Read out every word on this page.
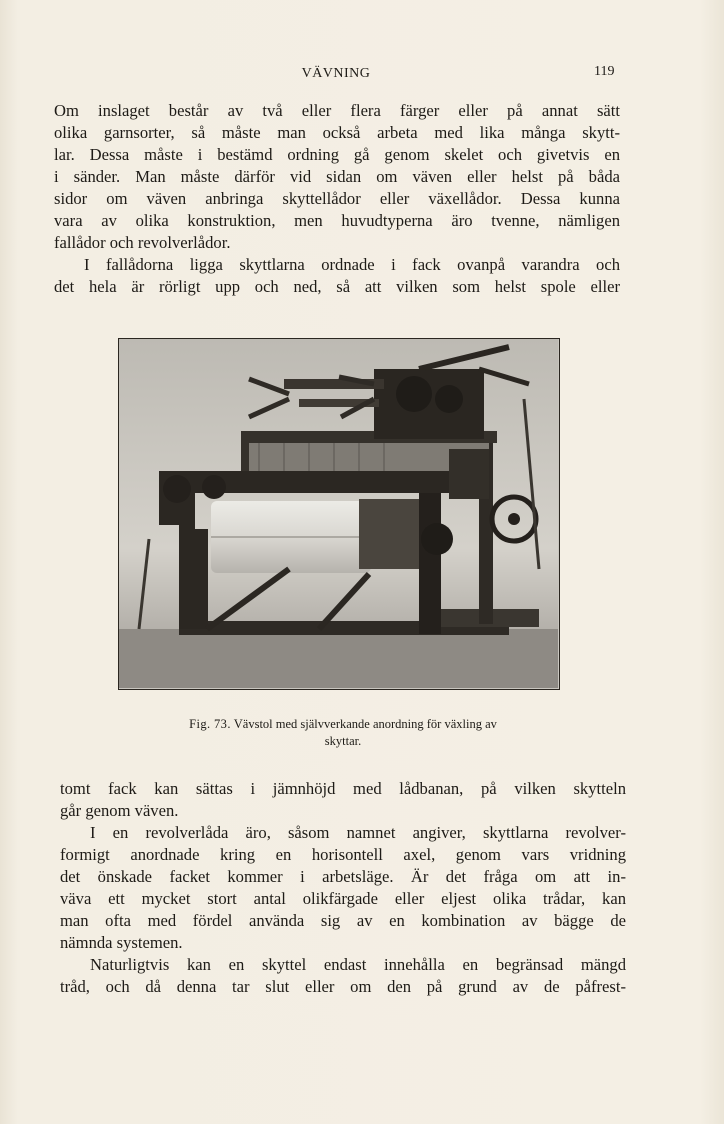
VÄVNING	119
Om inslaget består av två eller flera färger eller på annat sätt
olika garnsorter, så måste man också arbeta med lika många skytt-
lar. Dessa måste i bestämd ordning gå genom skelet och givetvis en
i sänder. Man måste därför vid sidan om väven eller helst på båda
sidor om väven anbringa skyttellådor eller växellådor. Dessa kunna
vara av olika konstruktion, men huvudtyperna äro tvenne, nämligen
fallådor och revolverlådor.
I fallådorna ligga skyttlarna ordnade i fack ovanpå varandra och
det hela är rörligt upp och ned, så att vilken som helst spole eller
Fig. 73. Vävstol med självverkande anordning för växling av
skyttar.
tomt fack kan sättas i jämnhöjd med lådbanan, på vilken skytteln
går genom väven.
I en revolverlåda äro, såsom namnet angiver, skyttlarna revolver-
formigt anordnade kring en horisontell axel, genom vars vridning
det önskade facket kommer i arbetsläge. Är det fråga om att in-
väva ett mycket stort antal olikfärgade eller eljest olika trådar, kan
man ofta med fördel använda sig av en kombination av bägge de
nämnda systemen.
Naturligtvis kan en skyttel endast innehålla en begränsad mängd
tråd, och då denna tar slut eller om den på grund av de påfrest-
